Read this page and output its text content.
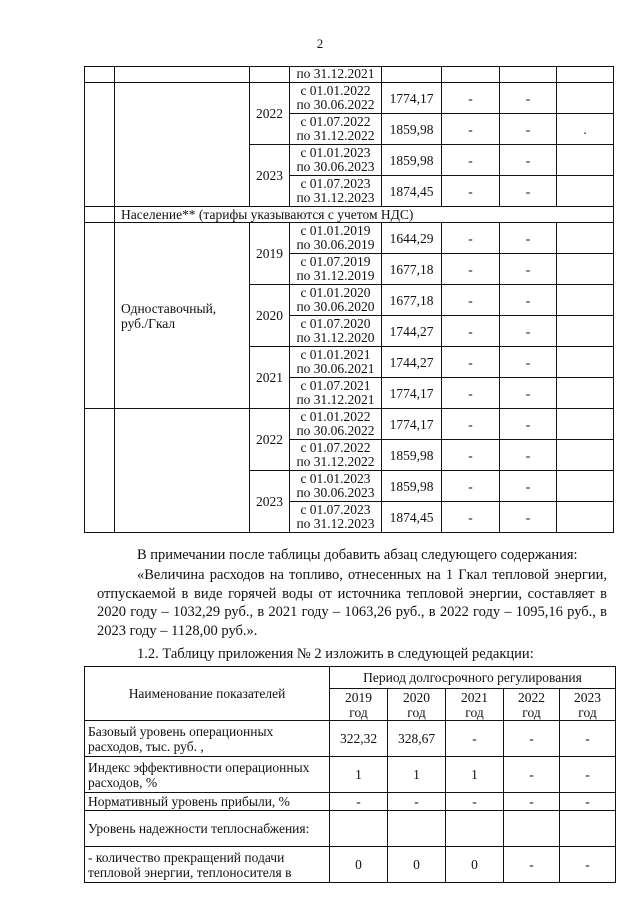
2
			по 31.12.2021				
		2022	с 01.01.2022
по 30.06.2022	1774,17	-	-	
			с 01.07.2022
по 31.12.2022	1859,98	-	-	.
		2023	с 01.01.2023
по 30.06.2023	1859,98	-	-	
			с 01.07.2023
по 31.12.2023	1874,45	-	-	
	Население** (тарифы указываются с учетом НДС)						
	Одноставочный,
руб./Гкал	2019	с 01.01.2019
по 30.06.2019	1644,29	-	-	
			с 01.07.2019
по 31.12.2019	1677,18	-	-	
		2020	с 01.01.2020
по 30.06.2020	1677,18	-	-	
			с 01.07.2020
по 31.12.2020	1744,27	-	-	
		2021	с 01.01.2021
по 30.06.2021	1744,27	-	-	
			с 01.07.2021
по 31.12.2021	1774,17	-	-	
		2022	с 01.01.2022
по 30.06.2022	1774,17	-	-	
			с 01.07.2022
по 31.12.2022	1859,98	-	-	
		2023	с 01.01.2023
по 30.06.2023	1859,98	-	-	
			с 01.07.2023
по 31.12.2023	1874,45	-	-	
В примечании после таблицы добавить абзац следующего содержания:
«Величина расходов на топливо, отнесенных на 1 Гкал тепловой энергии, отпускаемой в виде горячей воды от источника тепловой энергии, составляет в 2020 году – 1032,29 руб., в 2021 году – 1063,26 руб., в 2022 году – 1095,16 руб., в 2023 году – 1128,00 руб.».
1.2. Таблицу приложения № 2 изложить в следующей редакции:
Наименование показателей	Период долгосрочного регулирования				
	2019
год	2020
год	2021
год	2022
год	2023
год
Базовый уровень операционных расходов, тыс. руб. ,	322,32	328,67	-	-	-
Индекс эффективности операционных расходов, %	1	1	1	-	-
Нормативный уровень прибыли, %	-	-	-	-	-
Уровень надежности теплоснабжения:					
- количество прекращений подачи тепловой энергии, теплоносителя в	0	0	0	-	-
